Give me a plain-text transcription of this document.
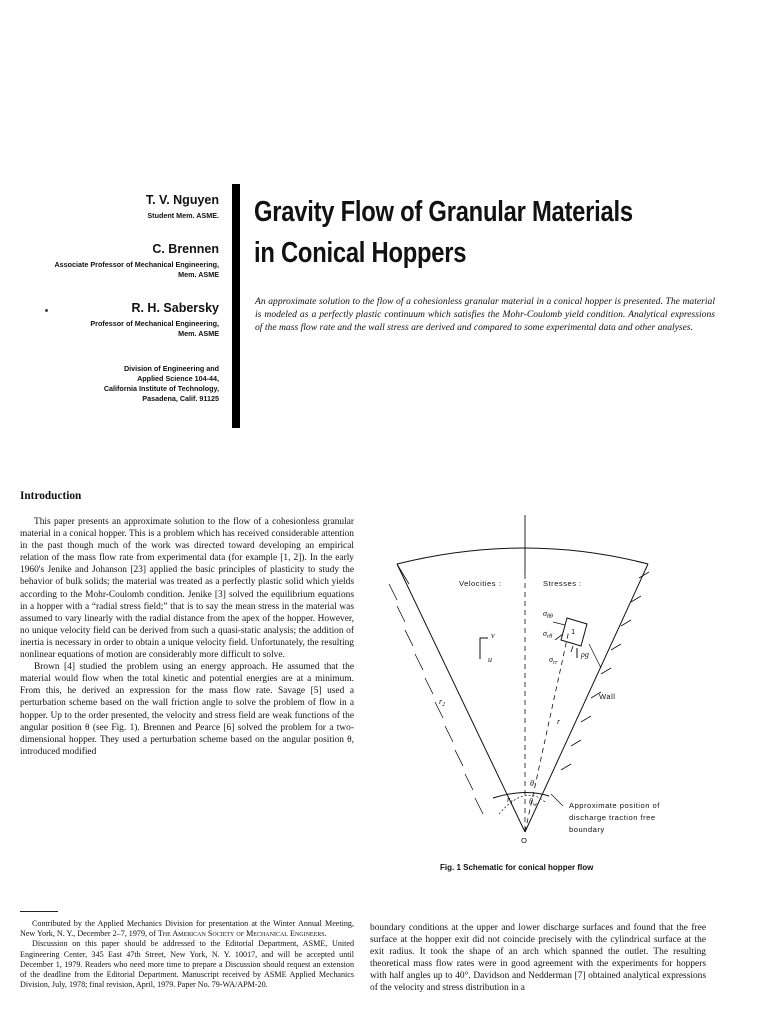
T. V. Nguyen

Student Mem. ASME.

C. Brennen

Associate Professor of Mechanical Engineering,
Mem. ASME

R. H. Sabersky

Professor of Mechanical Engineering,
Mem. ASME

Division of Engineering and
Applied Science 104-44,
California Institute of Technology,
Pasadena, Calif. 91125
Gravity Flow of Granular Materials
in Conical Hoppers

An approximate solution to the flow of a cohesionless granular material in a conical hopper is presented. The material is modeled as a perfectly plastic continuum which satisfies the Mohr-Coulomb yield condition. Analytical expressions of the mass flow rate and the wall stress are derived and compared to some experimental data and other analyses.

Introduction

This paper presents an approximate solution to the flow of a cohesionless granular material in a conical hopper. This is a problem which has received considerable attention in the past though much of the work was directed toward developing an empirical relation of the mass flow rate from experimental data (for example [1, 2]). In the early 1960's Jenike and Johanson [23] applied the basic principles of plasticity to study the behavior of bulk solids; the material was treated as a perfectly plastic solid which yields according to the Mohr-Coulomb condition. Jenike [3] solved the equilibrium equations in a hopper with a “radial stress field;” that is to say the mean stress in the material was assumed to vary linearly with the radial distance from the apex of the hopper. However, no unique velocity field can be derived from such a quasi-static analysis; the addition of inertia is necessary in order to obtain a unique velocity field. Unfortunately, the resulting nonlinear equations of motion are considerably more difficult to solve.

Brown [4] studied the problem using an energy approach. He assumed that the material would flow when the total kinetic and potential energies are at a minimum. From this, he derived an expression for the mass flow rate. Savage [5] used a perturbation scheme based on the wall friction angle to solve the problem of flow in a hopper. Up to the order presented, the velocity and stress field are weak functions of the angular position θ (see Fig. 1). Brennen and Pearce [6] solved the problem for a two-dimensional hopper. They used a perturbation scheme based on the angular position θ, introduced modified

Velocities :	Stresses :
v
u
$\sigma_{\theta\theta}$
$\sigma_{r\theta}$
$\sigma_{rr}$
ρg
1
Wall
r
$r_2$
$r_1$
θ
$\theta_w$
O
Approximate position of
discharge traction free
boundary

Fig. 1 Schematic for conical hopper flow

Contributed by the Applied Mechanics Division for presentation at the Winter Annual Meeting, New York, N. Y., December 2–7, 1979, of The American Society of Mechanical Engineers.

Discussion on this paper should be addressed to the Editorial Department, ASME, United Engineering Center, 345 East 47th Street, New York, N. Y. 10017, and will be accepted until December 1, 1979. Readers who need more time to prepare a Discussion should request an extension of the deadline from the Editorial Department. Manuscript received by ASME Applied Mechanics Division, July, 1978; final revision, April, 1979. Paper No. 79-WA/APM-20.

boundary conditions at the upper and lower discharge surfaces and found that the free surface at the hopper exit did not coincide precisely with the cylindrical surface at the exit radius. It took the shape of an arch which spanned the outlet. The resulting theoretical mass flow rates were in good agreement with the experiments for hoppers with half angles up to 40°. Davidson and Nedderman [7] obtained analytical expressions of the velocity and stress distribution in a
